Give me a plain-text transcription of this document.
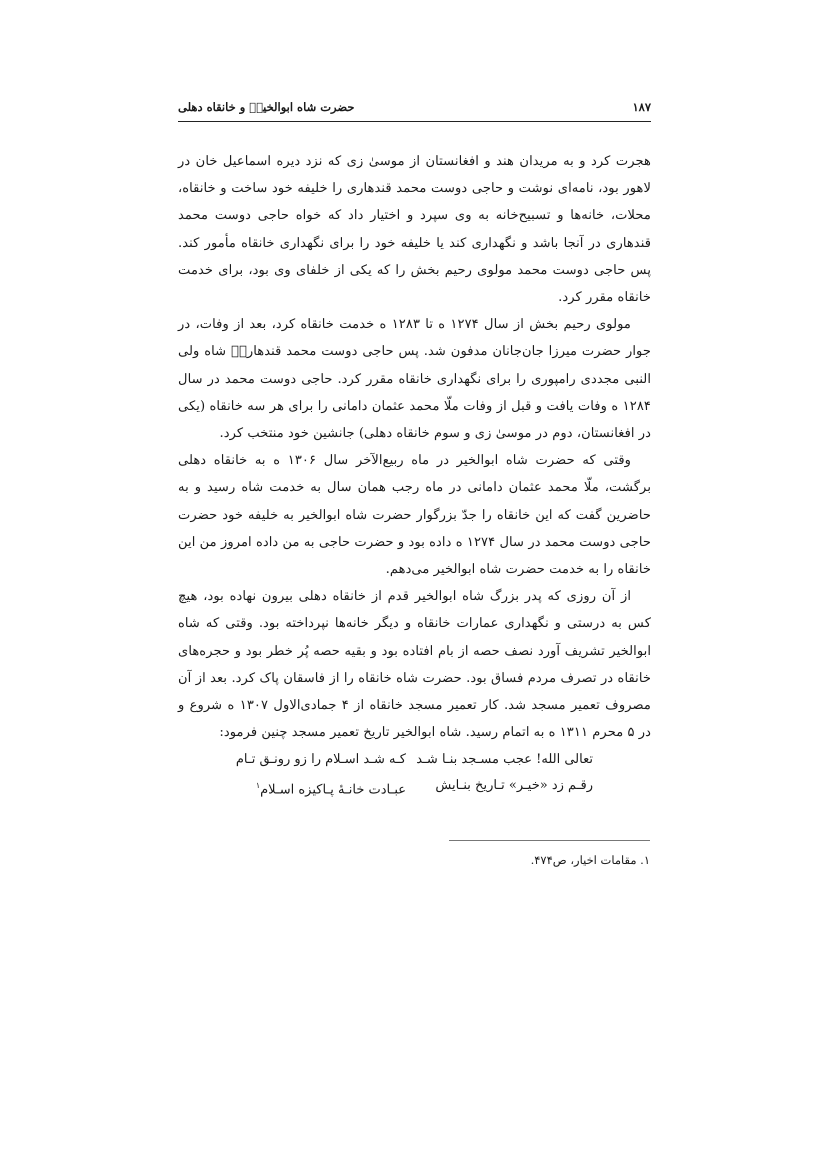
۱۸۷
حضرت شاه ابوالخیرؒ و خانقاه دهلی

هجرت کرد و به مریدان هند و افغانستان از موسیٰ زی که نزد دیره اسماعیل خان در لاهور بود، نامه‌ای نوشت و حاجی دوست محمد قندهاری را خلیفه خود ساخت و خانقاه، محلات، خانه‌ها و تسبیح‌خانه به وی سپرد و اختیار داد که خواه حاجی دوست محمد قندهاری در آنجا باشد و نگهداری کند یا خلیفه خود را برای نگهداری خانقاه مأمور کند. پس حاجی دوست محمد مولوی رحیم بخش را که یکی از خلفای وی بود، برای خدمت خانقاه مقرر کرد.

مولوی رحیم بخش از سال ۱۲۷۴ ه تا ۱۲۸۳ ه خدمت خانقاه کرد، بعد از وفات، در جوار حضرت میرزا جان‌جانان مدفون شد. پس حاجی دوست محمد قندهاریؒ شاه ولی النبی مجددی رامپوری را برای نگهداری خانقاه مقرر کرد. حاجی دوست محمد در سال ۱۲۸۴ ه وفات یافت و قبل از وفات ملّا محمد عثمان دامانی را برای هر سه خانقاه (یکی در افغانستان، دوم در موسیٰ زی و سوم خانقاه دهلی) جانشین خود منتخب کرد.

وقتی که حضرت شاه ابوالخیر در ماه ربیع‌الآخر سال ۱۳۰۶ ه به خانقاه دهلی برگشت، ملّا محمد عثمان دامانی در ماه رجب همان سال به خدمت شاه رسید و به حاضرین گفت که این خانقاه را جدّ بزرگوار حضرت شاه ابوالخیر به خلیفه خود حضرت حاجی دوست محمد در سال ۱۲۷۴ ه داده بود و حضرت حاجی به من داده امروز من این خانقاه را به خدمت حضرت شاه ابوالخیر می‌دهم.

از آن روزی که پدر بزرگ شاه ابوالخیر قدم از خانقاه دهلی بیرون نهاده بود، هیچ کس به درستی و نگهداری عمارات خانقاه و دیگر خانه‌ها نپرداخته بود. وقتی که شاه ابوالخیر تشریف آورد نصف حصه از بام افتاده بود و بقیه حصه پُر خطر بود و حجره‌های خانقاه در تصرف مردم فساق بود. حضرت شاه خانقاه را از فاسقان پاک کرد. بعد از آن مصروف تعمیر مسجد شد. کار تعمیر مسجد خانقاه از ۴ جمادی‌الاول ۱۳۰۷ ه شروع و در ۵ محرم ۱۳۱۱ ه به اتمام رسید. شاه ابوالخیر تاریخ تعمیر مسجد چنین فرمود:

تعالی الله! عجب مسـجد بنـا شـد
کـه شـد اسـلام را زو رونـق تـام
رقـم زد «خیـر» تـاریخ بنـایش
عبـادت خانـۀ پـاکیزه اسـلام$^۱$
۱. مقامات اخیار، ص۴۷۴.
